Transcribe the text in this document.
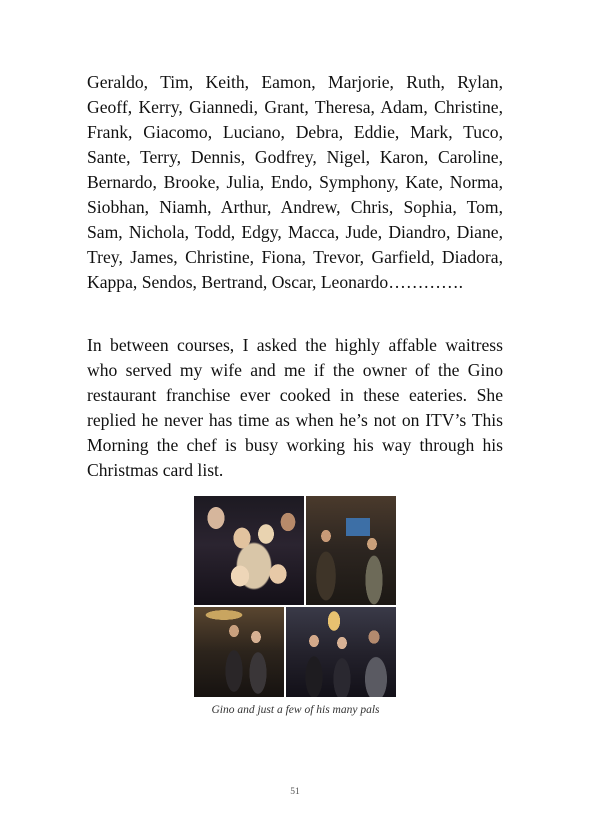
Geraldo, Tim, Keith, Eamon, Marjorie, Ruth, Rylan, Geoff, Kerry, Giannedi, Grant, Theresa, Adam, Christine, Frank, Giacomo, Luciano, Debra, Eddie, Mark, Tuco, Sante, Terry, Dennis, Godfrey, Nigel, Karon, Caroline, Bernardo, Brooke, Julia, Endo, Symphony, Kate, Norma, Siobhan, Niamh, Arthur, Andrew, Chris, Sophia, Tom, Sam, Nichola, Todd, Edgy, Macca, Jude, Diandro, Diane, Trey, James, Christine, Fiona, Trevor, Garfield, Diadora, Kappa, Sendos, Bertrand, Oscar, Leonardo………….

In between courses, I asked the highly affable waitress who served my wife and me if the owner of the Gino restaurant franchise ever cooked in these eateries. She replied he never has time as when he’s not on ITV’s This Morning the chef is busy working his way through his Christmas card list.

Gino and just a few of his many pals

51
